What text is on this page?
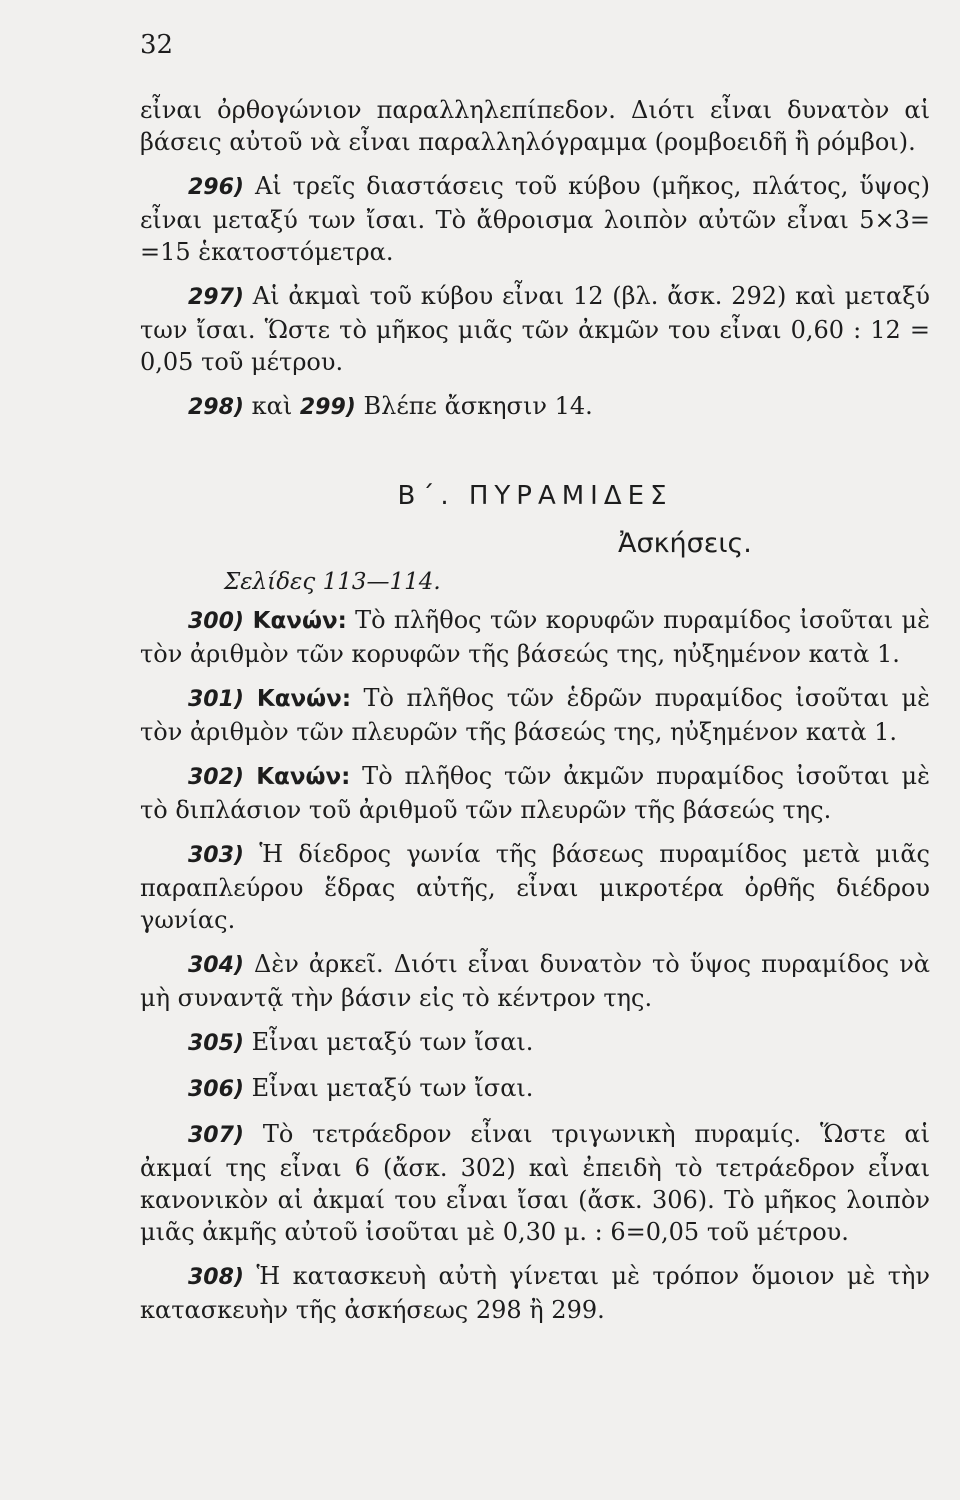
32

εἶναι ὀρθογώνιον παραλληλεπίπεδον. Διότι εἶναι δυνατὸν αἱ βάσεις αὐτοῦ νὰ εἶναι παραλληλόγραμμα (ρομβοειδῆ ἢ ρόμβοι).

296) Αἱ τρεῖς διαστάσεις τοῦ κύβου (μῆκος, πλάτος, ὕψος) εἶναι μεταξύ των ἴσαι. Τὸ ἄθροισμα λοιπὸν αὐτῶν εἶναι 5×3= =15 ἑκατοστόμετρα.

297) Αἱ ἀκμαὶ τοῦ κύβου εἶναι 12 (βλ. ἄσκ. 292) καὶ μεταξύ των ἴσαι. Ὥστε τὸ μῆκος μιᾶς τῶν ἀκμῶν του εἶναι 0,60 : 12 = 0,05 τοῦ μέτρου.

298) καὶ 299) Βλέπε ἄσκησιν 14.

Β΄. ΠΥΡΑΜΙΔΕΣ
Ἀσκήσεις.
Σελίδες 113—114.

300) Κανών: Τὸ πλῆθος τῶν κορυφῶν πυραμίδος ἰσοῦται μὲ τὸν ἀριθμὸν τῶν κορυφῶν τῆς βάσεώς της, ηὐξημένον κατὰ 1.

301) Κανών: Τὸ πλῆθος τῶν ἑδρῶν πυραμίδος ἰσοῦται μὲ τὸν ἀριθμὸν τῶν πλευρῶν τῆς βάσεώς της, ηὐξημένον κατὰ 1.

302) Κανών: Τὸ πλῆθος τῶν ἀκμῶν πυραμίδος ἰσοῦται μὲ τὸ διπλάσιον τοῦ ἀριθμοῦ τῶν πλευρῶν τῆς βάσεώς της.

303) Ἡ δίεδρος γωνία τῆς βάσεως πυραμίδος μετὰ μιᾶς παραπλεύρου ἕδρας αὐτῆς, εἶναι μικροτέρα ὀρθῆς διέδρου γωνίας.

304) Δὲν ἀρκεῖ. Διότι εἶναι δυνατὸν τὸ ὕψος πυραμίδος νὰ μὴ συναντᾷ τὴν βάσιν εἰς τὸ κέντρον της.

305) Εἶναι μεταξύ των ἴσαι.

306) Εἶναι μεταξύ των ἴσαι.

307) Τὸ τετράεδρον εἶναι τριγωνικὴ πυραμίς. Ὥστε αἱ ἀκμαί της εἶναι 6 (ἄσκ. 302) καὶ ἐπειδὴ τὸ τετράεδρον εἶναι κανονικὸν αἱ ἀκμαί του εἶναι ἴσαι (ἄσκ. 306). Τὸ μῆκος λοιπὸν μιᾶς ἀκμῆς αὐτοῦ ἰσοῦται μὲ 0,30 μ. : 6=0,05 τοῦ μέτρου.

308) Ἡ κατασκευὴ αὐτὴ γίνεται μὲ τρόπον ὅμοιον μὲ τὴν κατασκευὴν τῆς ἀσκήσεως 298 ἢ 299.
